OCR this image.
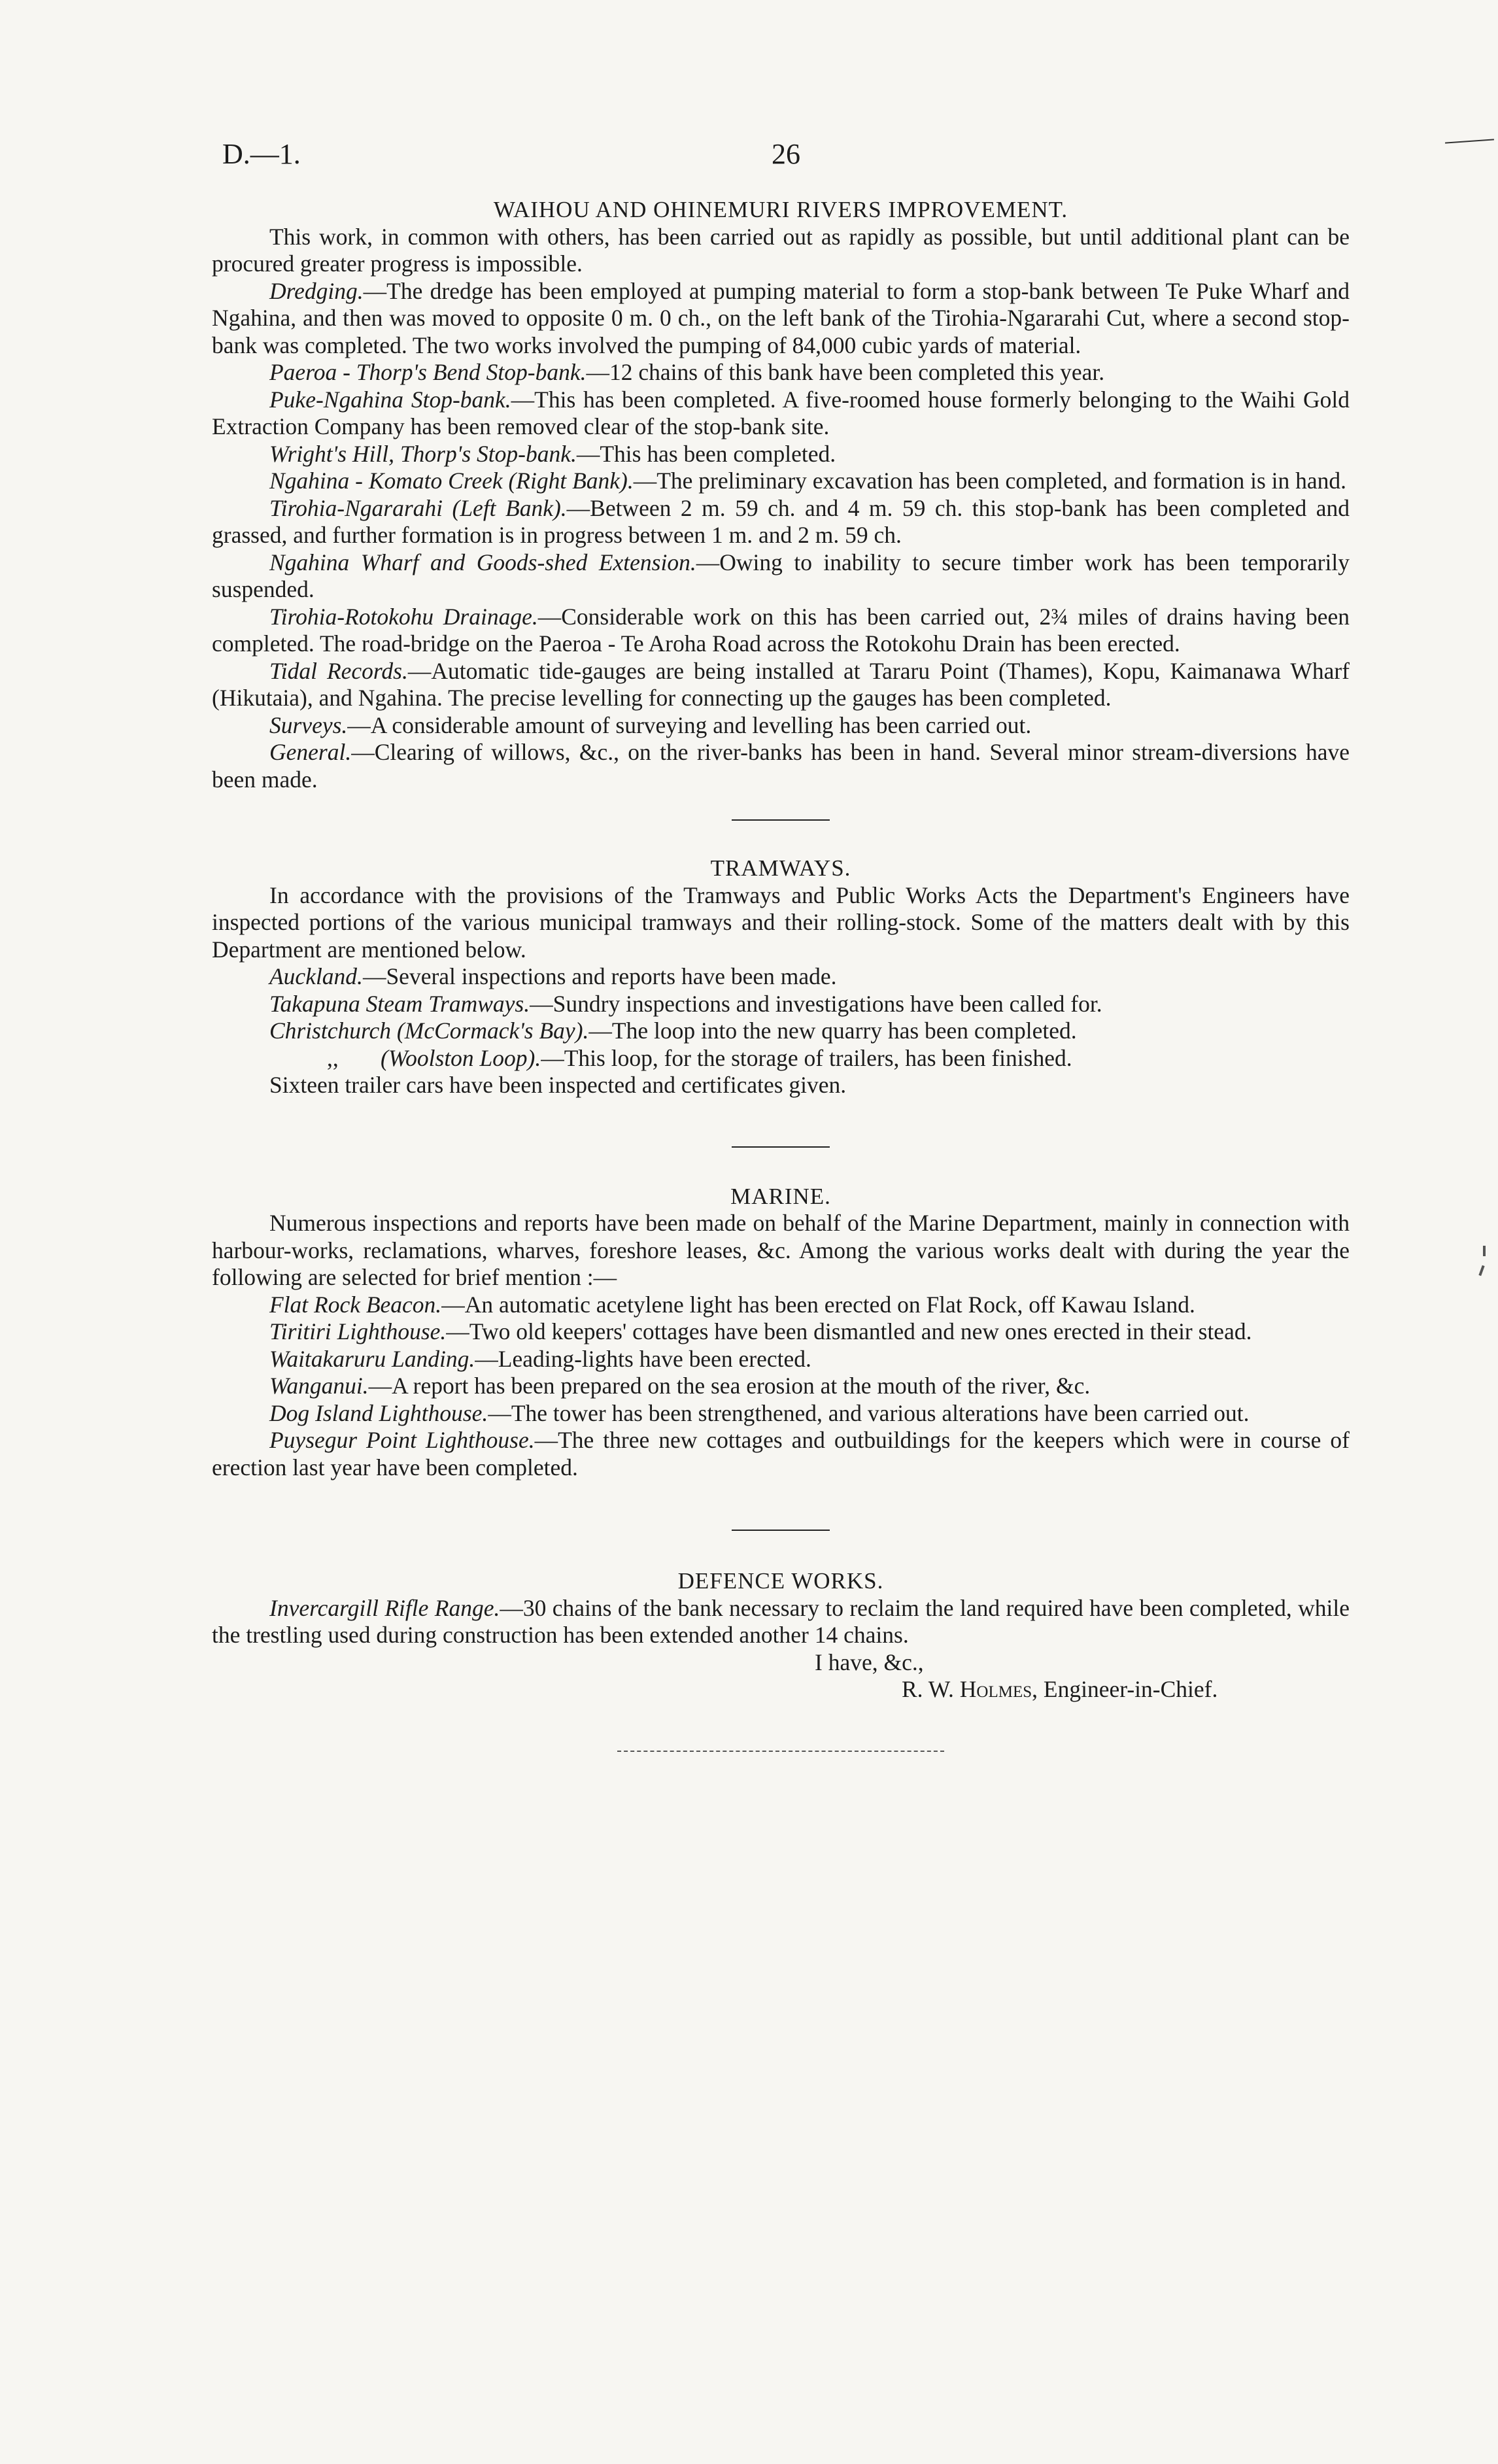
D.—1.	26
WAIHOU AND OHINEMURI RIVERS IMPROVEMENT.

This work, in common with others, has been carried out as rapidly as possible, but until additional plant can be procured greater progress is impossible.

Dredging.—The dredge has been employed at pumping material to form a stop-bank between Te Puke Wharf and Ngahina, and then was moved to opposite 0 m. 0 ch., on the left bank of the Tirohia-Ngararahi Cut, where a second stop-bank was completed. The two works involved the pumping of 84,000 cubic yards of material.

Paeroa - Thorp's Bend Stop-bank.—12 chains of this bank have been completed this year.

Puke-Ngahina Stop-bank.—This has been completed. A five-roomed house formerly belonging to the Waihi Gold Extraction Company has been removed clear of the stop-bank site.

Wright's Hill, Thorp's Stop-bank.—This has been completed.

Ngahina - Komato Creek (Right Bank).—The preliminary excavation has been completed, and formation is in hand.

Tirohia-Ngararahi (Left Bank).—Between 2 m. 59 ch. and 4 m. 59 ch. this stop-bank has been completed and grassed, and further formation is in progress between 1 m. and 2 m. 59 ch.

Ngahina Wharf and Goods-shed Extension.—Owing to inability to secure timber work has been temporarily suspended.

Tirohia-Rotokohu Drainage.—Considerable work on this has been carried out, 2¾ miles of drains having been completed. The road-bridge on the Paeroa - Te Aroha Road across the Rotokohu Drain has been erected.

Tidal Records.—Automatic tide-gauges are being installed at Tararu Point (Thames), Kopu, Kaimanawa Wharf (Hikutaia), and Ngahina. The precise levelling for connecting up the gauges has been completed.

Surveys.—A considerable amount of surveying and levelling has been carried out.

General.—Clearing of willows, &c., on the river-banks has been in hand. Several minor stream-diversions have been made.

TRAMWAYS.

In accordance with the provisions of the Tramways and Public Works Acts the Department's Engineers have inspected portions of the various municipal tramways and their rolling-stock. Some of the matters dealt with by this Department are mentioned below.

Auckland.—Several inspections and reports have been made.

Takapuna Steam Tramways.—Sundry inspections and investigations have been called for.

Christchurch (McCormack's Bay).—The loop into the new quarry has been completed.

,, (Woolston Loop).—This loop, for the storage of trailers, has been finished.

Sixteen trailer cars have been inspected and certificates given.

MARINE.

Numerous inspections and reports have been made on behalf of the Marine Department, mainly in connection with harbour-works, reclamations, wharves, foreshore leases, &c. Among the various works dealt with during the year the following are selected for brief mention :—

Flat Rock Beacon.—An automatic acetylene light has been erected on Flat Rock, off Kawau Island.

Tiritiri Lighthouse.—Two old keepers' cottages have been dismantled and new ones erected in their stead.

Waitakaruru Landing.—Leading-lights have been erected.

Wanganui.—A report has been prepared on the sea erosion at the mouth of the river, &c.

Dog Island Lighthouse.—The tower has been strengthened, and various alterations have been carried out.

Puysegur Point Lighthouse.—The three new cottages and outbuildings for the keepers which were in course of erection last year have been completed.

DEFENCE WORKS.

Invercargill Rifle Range.—30 chains of the bank necessary to reclaim the land required have been completed, while the trestling used during construction has been extended another 14 chains.

I have, &c.,

R. W. Holmes, Engineer-in-Chief.
